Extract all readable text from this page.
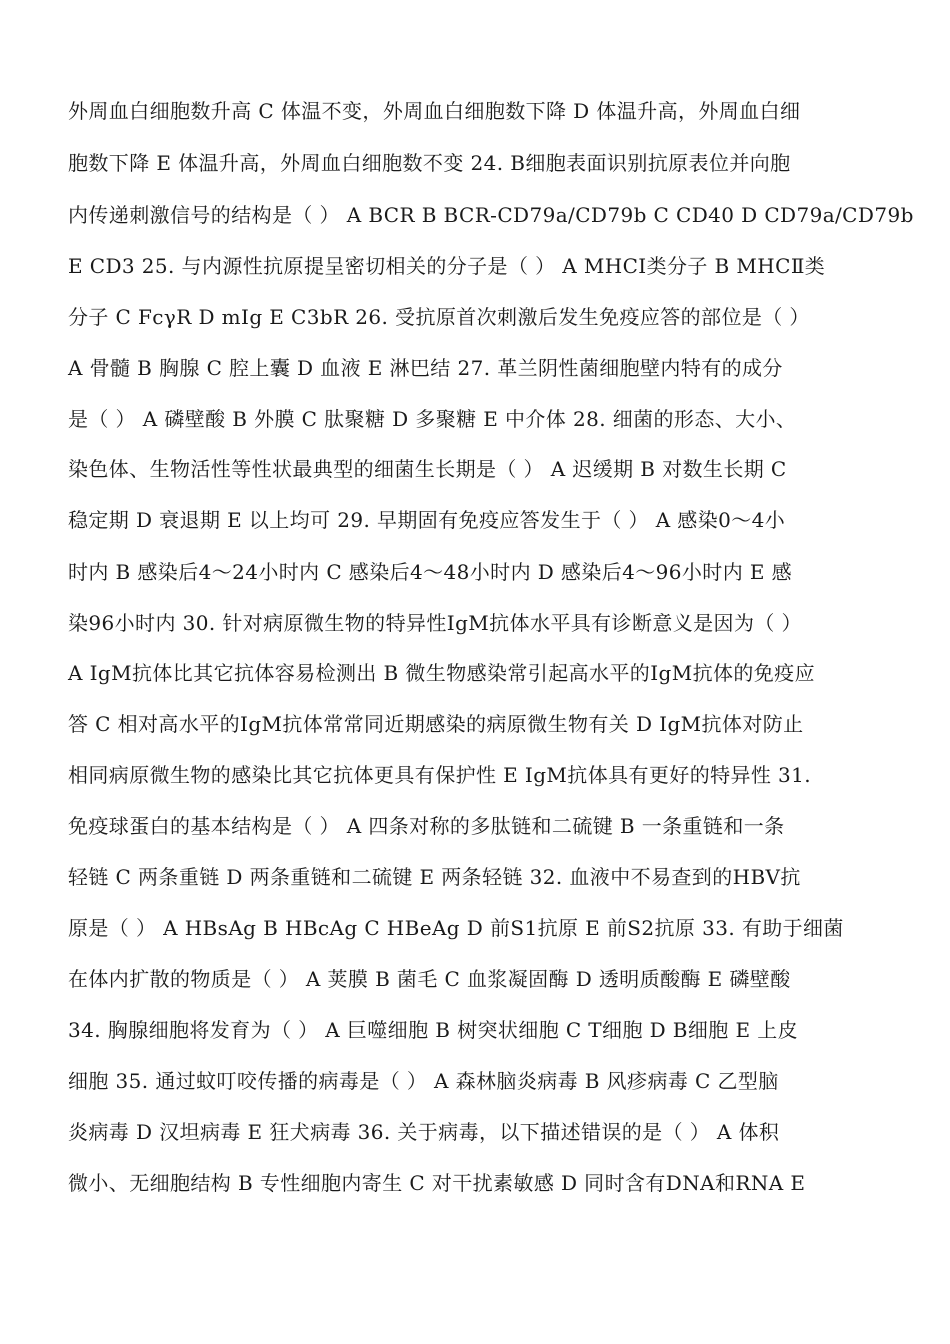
外周血白细胞数升高 C 体温不变，外周血白细胞数下降 D 体温升高，外周血白细
胞数下降 E 体温升高，外周血白细胞数不变 24. B细胞表面识别抗原表位并向胞
内传递刺激信号的结构是（ ） A BCR B BCR-CD79a/CD79b C CD40 D CD79a/CD79b
E CD3 25. 与内源性抗原提呈密切相关的分子是（ ） A MHCⅠ类分子 B MHCⅡ类
分子 C FcγR D mIg E C3bR 26. 受抗原首次刺激后发生免疫应答的部位是（ ）
A 骨髓 B 胸腺 C 腔上囊 D 血液 E 淋巴结 27. 革兰阴性菌细胞壁内特有的成分
是（ ） A 磷壁酸 B 外膜 C 肽聚糖 D 多聚糖 E 中介体 28. 细菌的形态、大小、
染色体、生物活性等性状最典型的细菌生长期是（ ） A 迟缓期 B 对数生长期 C
稳定期 D 衰退期 E 以上均可 29. 早期固有免疫应答发生于（ ） A 感染0～4小
时内 B 感染后4～24小时内 C 感染后4～48小时内 D 感染后4～96小时内 E 感
染96小时内 30. 针对病原微生物的特异性IgM抗体水平具有诊断意义是因为（ ）
A IgM抗体比其它抗体容易检测出 B 微生物感染常引起高水平的IgM抗体的免疫应
答 C 相对高水平的IgM抗体常常同近期感染的病原微生物有关 D IgM抗体对防止
相同病原微生物的感染比其它抗体更具有保护性 E IgM抗体具有更好的特异性 31.
免疫球蛋白的基本结构是（ ） A 四条对称的多肽链和二硫键 B 一条重链和一条
轻链 C 两条重链 D 两条重链和二硫键 E 两条轻链 32. 血液中不易查到的HBV抗
原是（ ） A HBsAg B HBcAg C HBeAg D 前S1抗原 E 前S2抗原 33. 有助于细菌
在体内扩散的物质是（ ） A 荚膜 B 菌毛 C 血浆凝固酶 D 透明质酸酶 E 磷壁酸
34. 胸腺细胞将发育为（ ） A 巨噬细胞 B 树突状细胞 C T细胞 D B细胞 E 上皮
细胞 35. 通过蚊叮咬传播的病毒是（ ） A 森林脑炎病毒 B 风疹病毒 C 乙型脑
炎病毒 D 汉坦病毒 E 狂犬病毒 36. 关于病毒，以下描述错误的是（ ） A 体积
微小、无细胞结构 B 专性细胞内寄生 C 对干扰素敏感 D 同时含有DNA和RNA E
